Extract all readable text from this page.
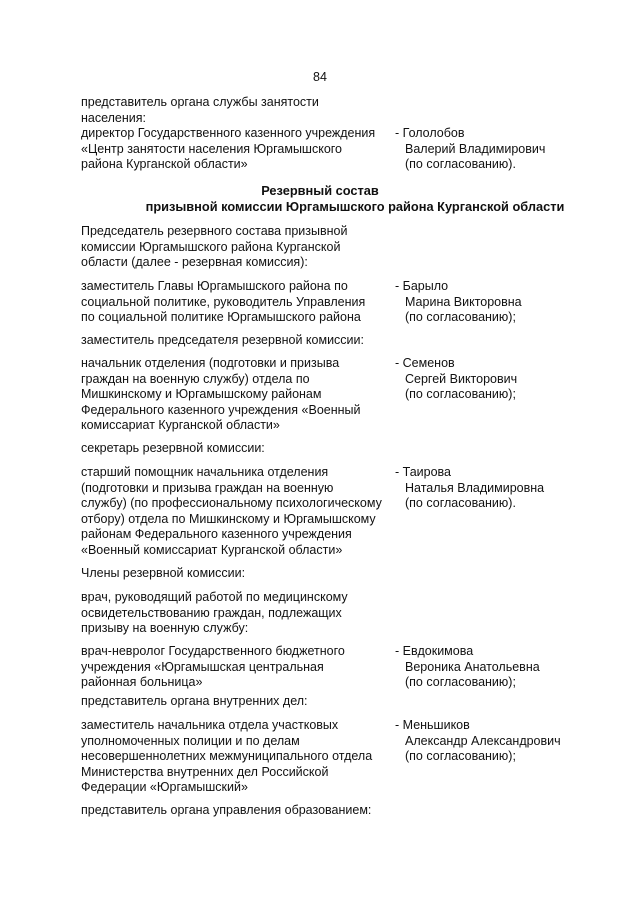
84
представитель органа службы занятости
населения:
директор Государственного казенного учреждения
«Центр занятости населения Юргамышского
района Курганской области»
- Гололобов
Валерий Владимирович
(по согласованию).
Резервный состав
призывной комиссии Юргамышского района Курганской области
Председатель резервного состава призывной
комиссии Юргамышского района Курганской
области (далее - резервная комиссия):
заместитель Главы Юргамышского района по
социальной политике, руководитель Управления
по социальной политике Юргамышского района
- Барыло
Марина Викторовна
(по согласованию);
заместитель председателя резервной комиссии:
начальник отделения (подготовки и призыва
граждан на военную службу) отдела по
Мишкинскому и Юргамышскому районам
Федерального казенного учреждения «Военный
комиссариат Курганской области»
- Семенов
Сергей Викторович
(по согласованию);
секретарь резервной комиссии:
старший помощник начальника отделения
(подготовки и призыва граждан на военную
службу) (по профессиональному психологическому
отбору) отдела по Мишкинскому и Юргамышскому
районам Федерального казенного учреждения
«Военный комиссариат Курганской области»
- Таирова
Наталья Владимировна
(по согласованию).
Члены резервной комиссии:
врач, руководящий работой по медицинскому
освидетельствованию граждан, подлежащих
призыву на военную службу:
врач-невролог Государственного бюджетного
учреждения «Юргамышская центральная
районная больница»
- Евдокимова
Вероника Анатольевна
(по согласованию);
представитель органа внутренних дел:
заместитель начальника отдела участковых
уполномоченных полиции и по делам
несовершеннолетних межмуниципального отдела
Министерства внутренних дел Российской
Федерации «Юргамышский»
- Меньшиков
Александр Александрович
(по согласованию);
представитель органа управления образованием:
